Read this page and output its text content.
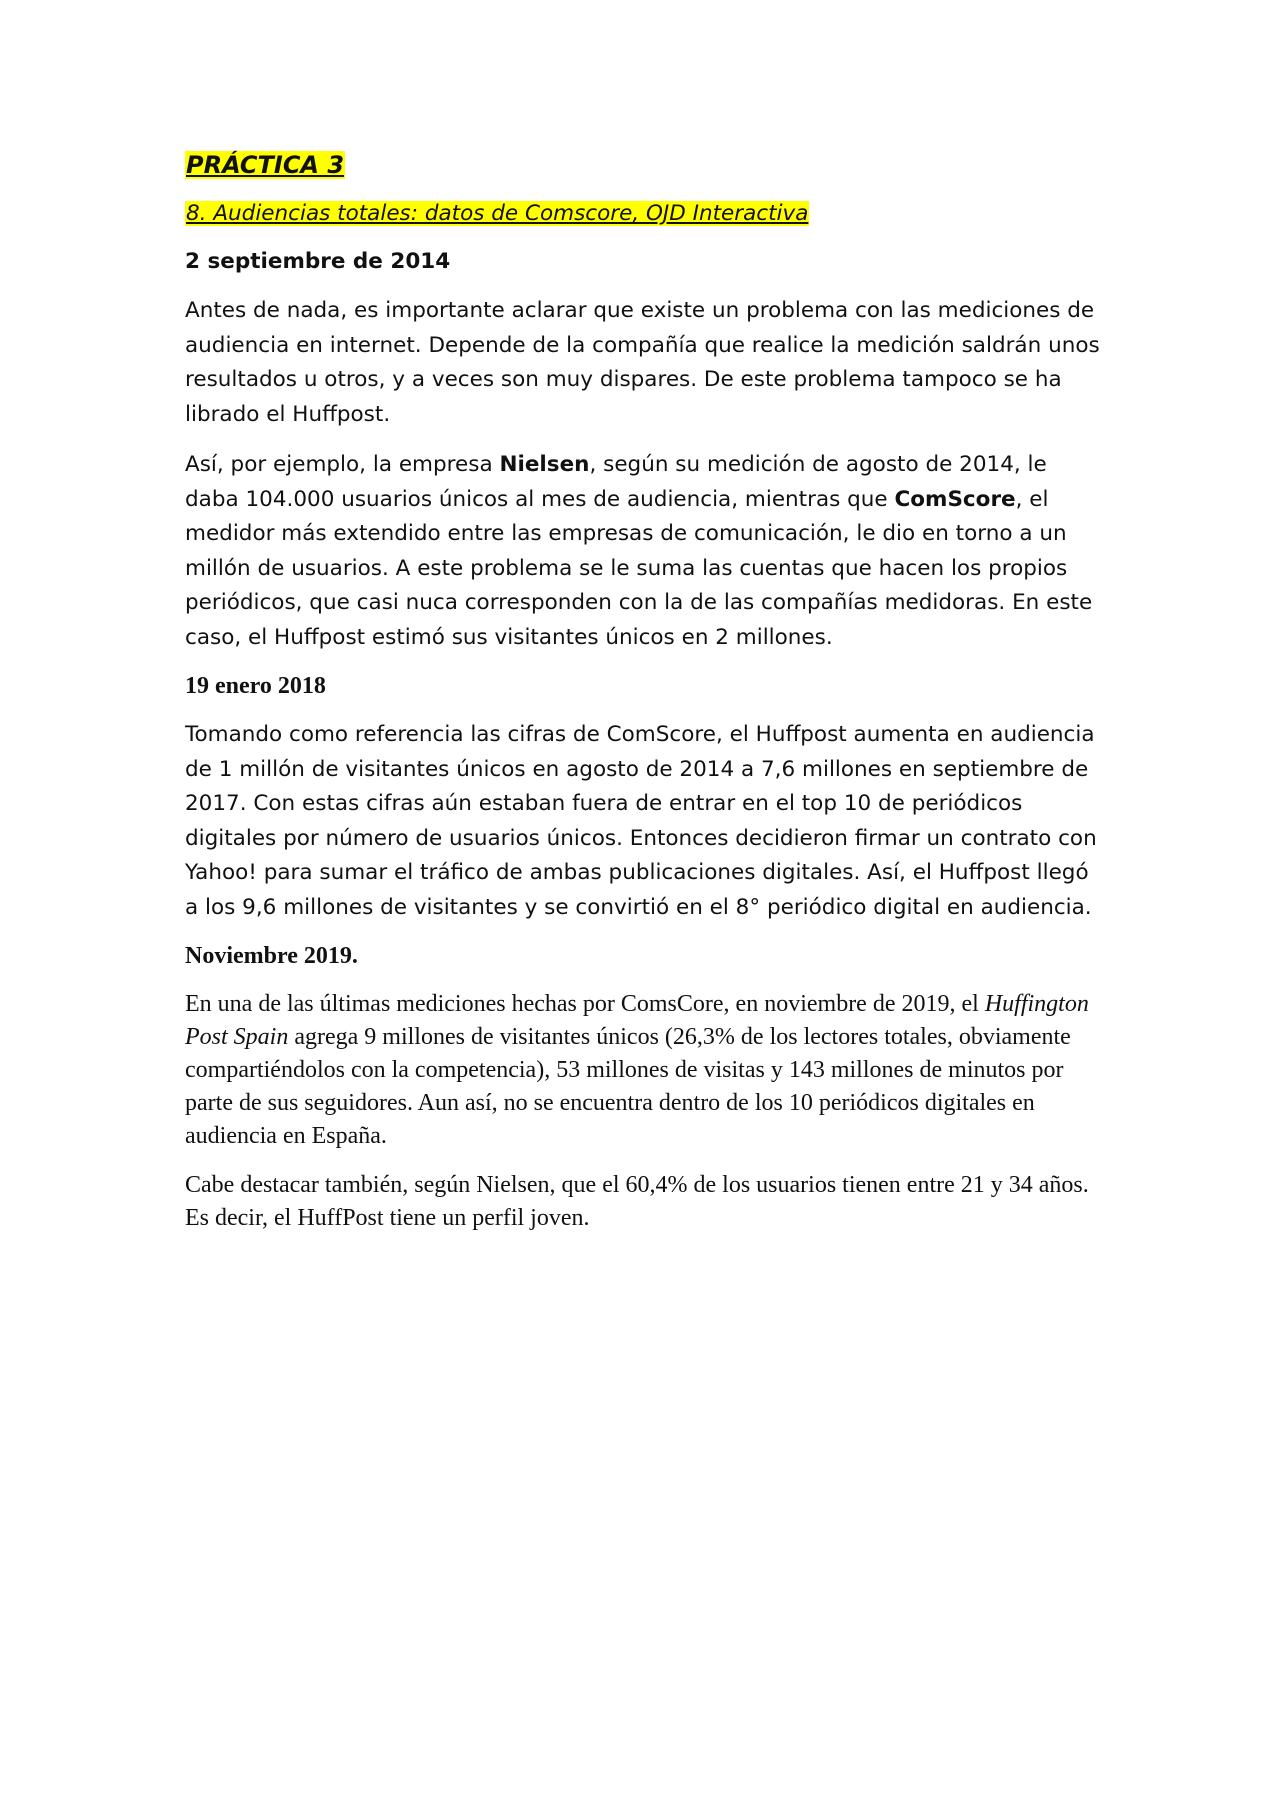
PRÁCTICA 3
8. Audiencias totales: datos de Comscore, OJD Interactiva
2 septiembre de 2014

Antes de nada, es importante aclarar que existe un problema con las mediciones de audiencia en internet. Depende de la compañía que realice la medición saldrán unos resultados u otros, y a veces son muy dispares. De este problema tampoco se ha librado el Huffpost.

Así, por ejemplo, la empresa Nielsen, según su medición de agosto de 2014, le daba 104.000 usuarios únicos al mes de audiencia, mientras que ComScore, el medidor más extendido entre las empresas de comunicación, le dio en torno a un millón de usuarios. A este problema se le suma las cuentas que hacen los propios periódicos, que casi nuca corresponden con la de las compañías medidoras. En este caso, el Huffpost estimó sus visitantes únicos en 2 millones.

19 enero 2018

Tomando como referencia las cifras de ComScore, el Huffpost aumenta en audiencia de 1 millón de visitantes únicos en agosto de 2014 a 7,6 millones en septiembre de 2017. Con estas cifras aún estaban fuera de entrar en el top 10 de periódicos digitales por número de usuarios únicos. Entonces decidieron firmar un contrato con Yahoo! para sumar el tráfico de ambas publicaciones digitales. Así, el Huffpost llegó a los 9,6 millones de visitantes y se convirtió en el 8° periódico digital en audiencia.

Noviembre 2019.

En una de las últimas mediciones hechas por ComsCore, en noviembre de 2019, el Huffington Post Spain agrega 9 millones de visitantes únicos (26,3% de los lectores totales, obviamente compartiéndolos con la competencia), 53 millones de visitas y 143 millones de minutos por parte de sus seguidores. Aun así, no se encuentra dentro de los 10 periódicos digitales en audiencia en España.

Cabe destacar también, según Nielsen, que el 60,4% de los usuarios tienen entre 21 y 34 años. Es decir, el HuffPost tiene un perfil joven.
